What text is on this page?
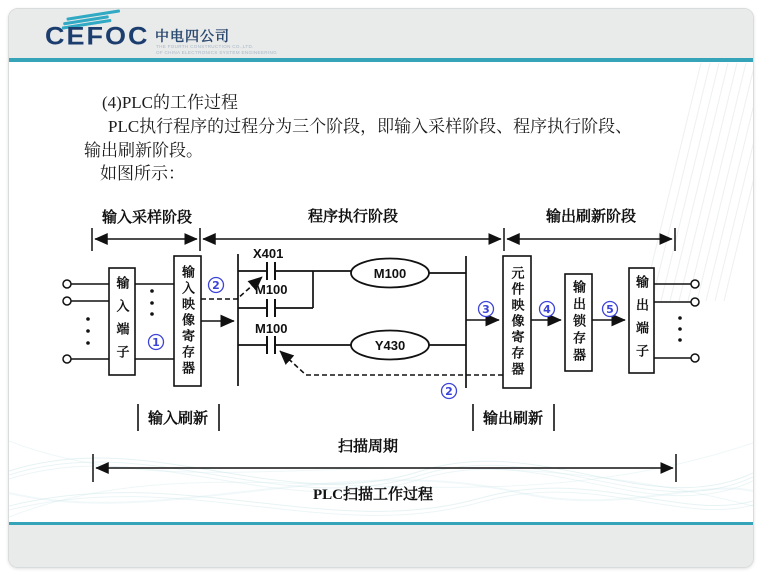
CEFOC 中电四公司
THE FOURTH CONSTRUCTION CO.,LTD.
OF CHINA ELECTRONICS SYSTEM ENGINEERING
(4)PLC的工作过程
PLC执行程序的过程分为三个阶段，即输入采样阶段、程序执行阶段、
输出刷新阶段。
如图所示：
输入采样阶段	程序执行阶段	输出刷新阶段
X401
M100
M100
M100
Y430
1
2
3	4	5
2
输入刷新	输出刷新
扫描周期
PLC扫描工作过程
输入端子	输入映像寄存器	元件映像寄存器	输出锁存器	输出端子
